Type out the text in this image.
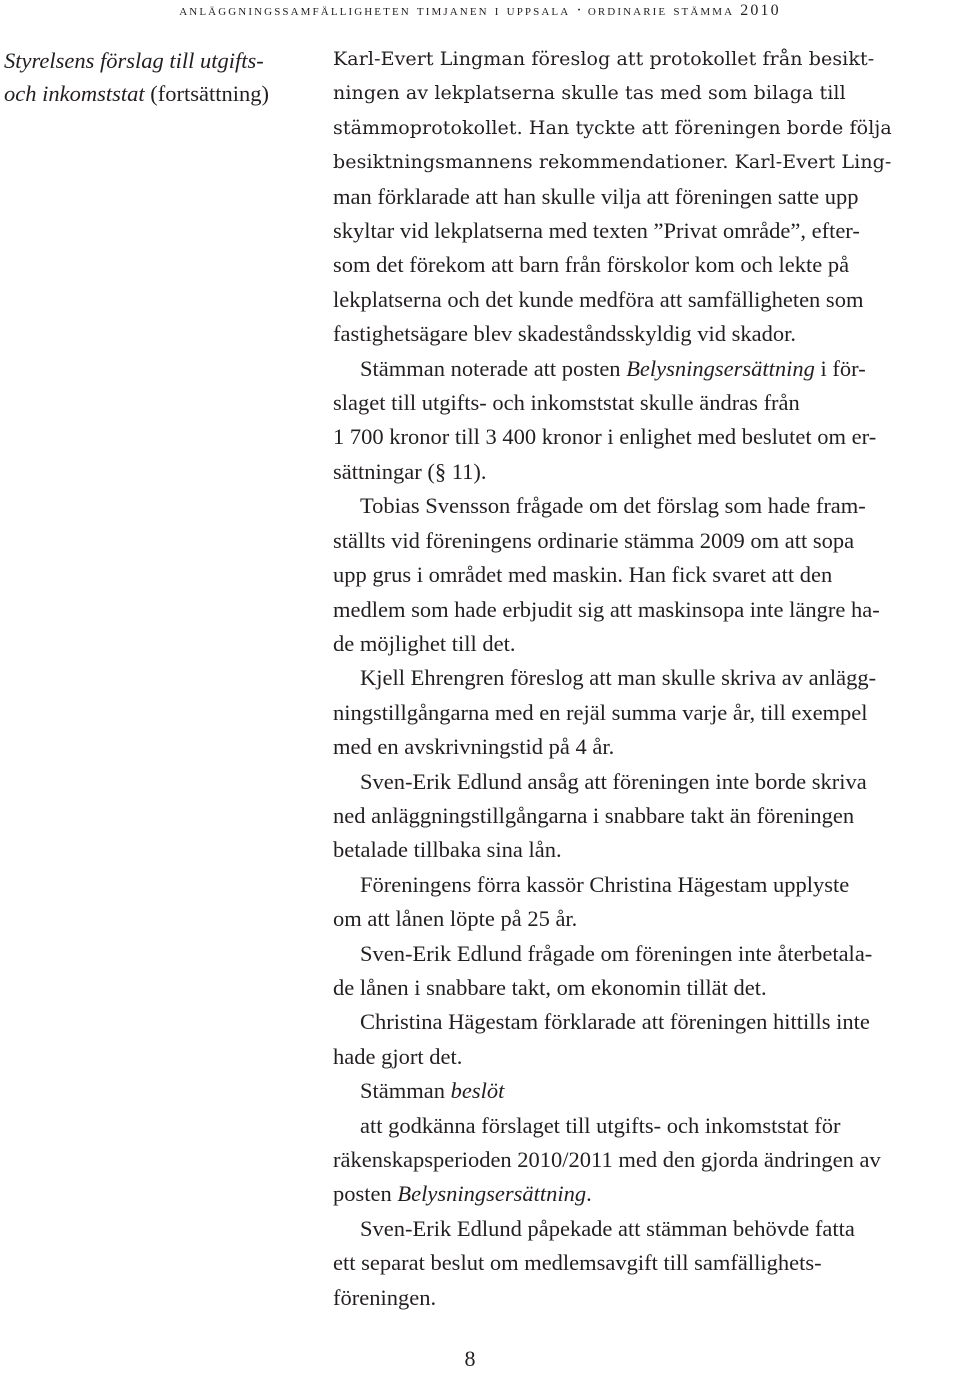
anläggningssamfälligheten timjanen i uppsala · ordinarie stämma 2010
Styrelsens förslag till utgifts-
och inkomststat (fortsättning)

Karl-Evert Lingman föreslog att protokollet från besikt-
ningen av lekplatserna skulle tas med som bilaga till
stämmoprotokollet. Han tyckte att föreningen borde följa
besiktningsmannens rekommendationer. Karl-Evert Ling-
man förklarade att han skulle vilja att föreningen satte upp
skyltar vid lekplatserna med texten ”Privat område”, efter-
som det förekom att barn från förskolor kom och lekte på
lekplatserna och det kunde medföra att samfälligheten som
fastighetsägare blev skadeståndsskyldig vid skador.

Stämman noterade att posten Belysningsersättning i för-
slaget till utgifts- och inkomststat skulle ändras från
1 700 kronor till 3 400 kronor i enlighet med beslutet om er-
sättningar (§ 11).

Tobias Svensson frågade om det förslag som hade fram-
ställts vid föreningens ordinarie stämma 2009 om att sopa
upp grus i området med maskin. Han fick svaret att den
medlem som hade erbjudit sig att maskinsopa inte längre ha-
de möjlighet till det.

Kjell Ehrengren föreslog att man skulle skriva av anlägg-
ningstillgångarna med en rejäl summa varje år, till exempel
med en avskrivningstid på 4 år.

Sven-Erik Edlund ansåg att föreningen inte borde skriva
ned anläggningstillgångarna i snabbare takt än föreningen
betalade tillbaka sina lån.

Föreningens förra kassör Christina Hägestam upplyste
om att lånen löpte på 25 år.

Sven-Erik Edlund frågade om föreningen inte återbetala-
de lånen i snabbare takt, om ekonomin tillät det.

Christina Hägestam förklarade att föreningen hittills inte
hade gjort det.

Stämman beslöt

att godkänna förslaget till utgifts- och inkomststat för
räkenskapsperioden 2010/2011 med den gjorda ändringen av
posten Belysningsersättning.

Sven-Erik Edlund påpekade att stämman behövde fatta
ett separat beslut om medlemsavgift till samfällighets-
föreningen.

8
